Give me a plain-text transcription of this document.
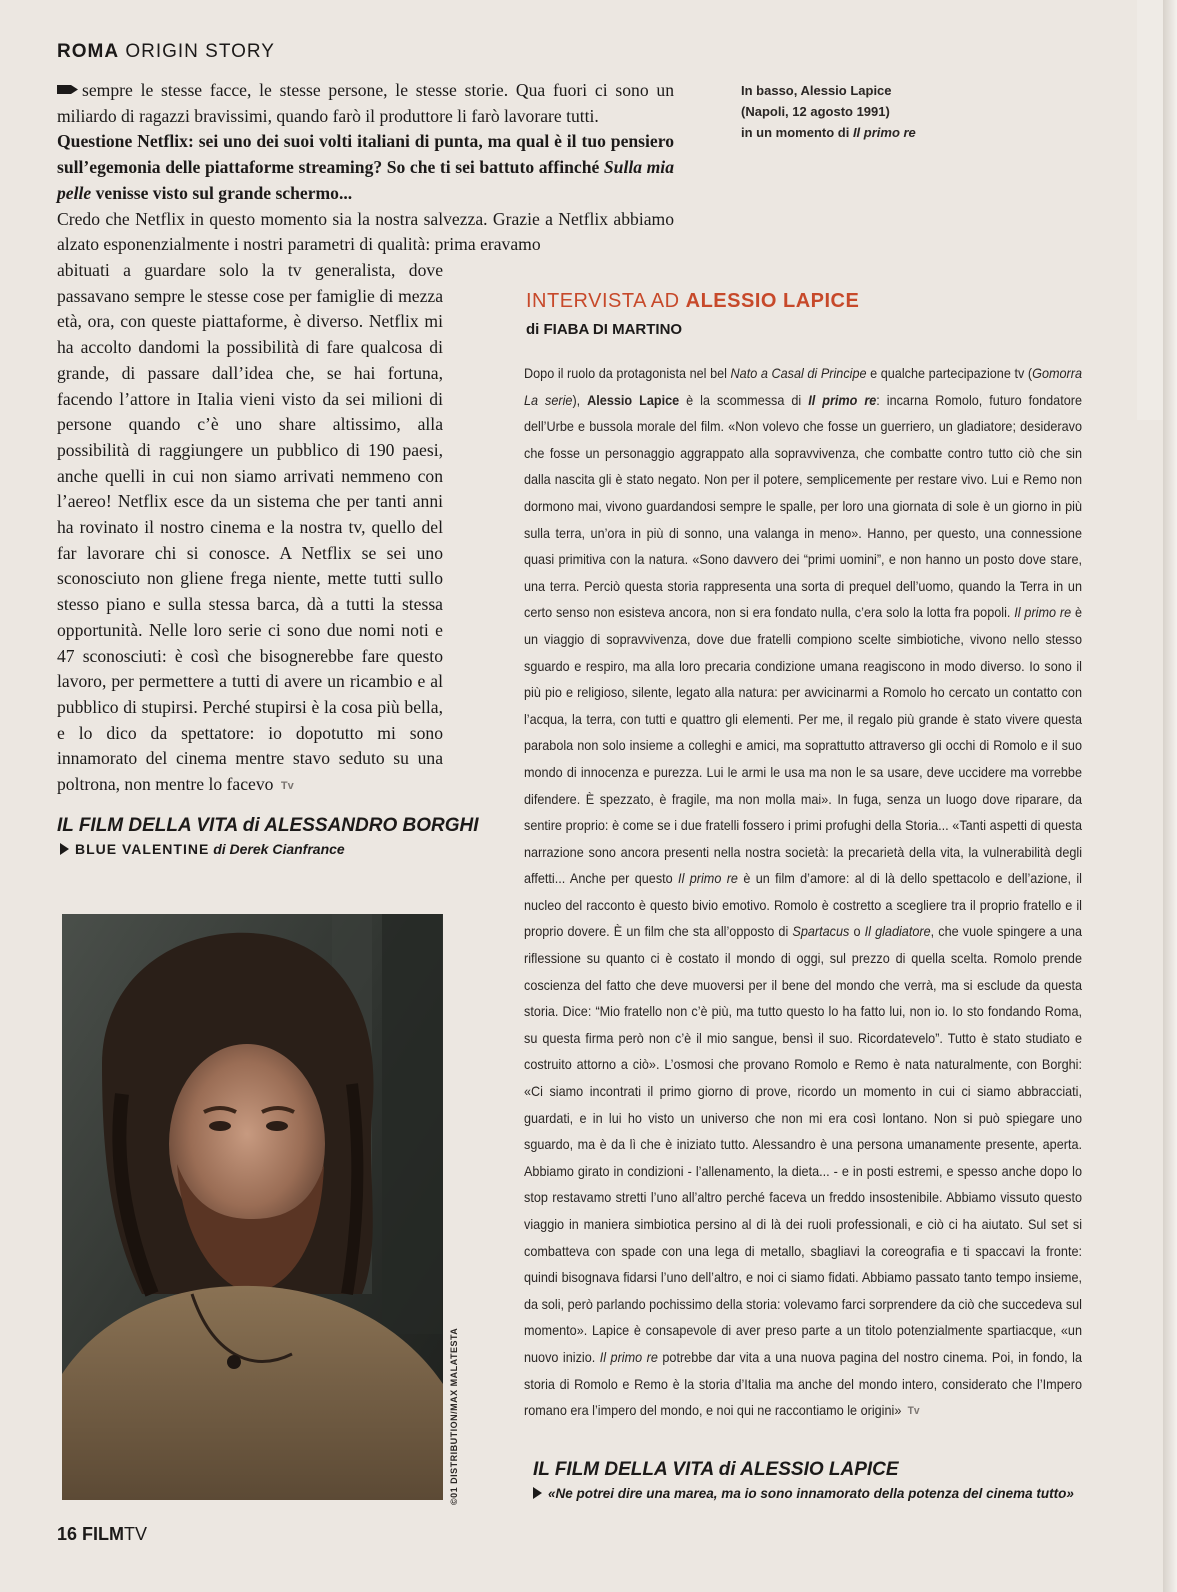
ROMA ORIGIN STORY
sempre le stesse facce, le stesse persone, le stesse storie. Qua fuori ci sono un miliardo di ragazzi bravissimi, quando farò il produttore li farò lavorare tutti.
Questione Netflix: sei uno dei suoi volti italiani di punta, ma qual è il tuo pensiero sull’egemonia delle piattaforme streaming? So che ti sei battuto affinché Sulla mia pelle venisse visto sul grande schermo...
Credo che Netflix in questo momento sia la nostra salvezza. Grazie a Netflix abbiamo alzato esponenzialmente i nostri parametri di qualità: prima eravamo
abituati a guardare solo la tv generalista, dove passavano sempre le stesse cose per famiglie di mezza età, ora, con queste piattaforme, è diverso. Netflix mi ha accolto dandomi la possibilità di fare qualcosa di grande, di passare dall’idea che, se hai fortuna, facendo l’attore in Italia vieni visto da sei milioni di persone quando c’è uno share altissimo, alla possibilità di raggiungere un pubblico di 190 paesi, anche quelli in cui non siamo arrivati nemmeno con l’aereo! Netflix esce da un sistema che per tanti anni ha rovinato il nostro cinema e la nostra tv, quello del far lavorare chi si conosce. A Netflix se sei uno sconosciuto non gliene frega niente, mette tutti sullo stesso piano e sulla stessa barca, dà a tutti la stessa opportunità. Nelle loro serie ci sono due nomi noti e 47 sconosciuti: è così che bisognerebbe fare questo lavoro, per permettere a tutti di avere un ricambio e al pubblico di stupirsi. Perché stupirsi è la cosa più bella, e lo dico da spettatore: io dopotutto mi sono innamorato del cinema mentre stavo seduto su una poltrona, non mentre lo facevo Tv
In basso, Alessio Lapice
(Napoli, 12 agosto 1991)
in un momento di Il primo re
IL FILM DELLA VITA di ALESSANDRO BORGHI
BLUE VALENTINE di Derek Cianfrance
©01 DISTRIBUTION/MAX MALATESTA
INTERVISTA AD ALESSIO LAPICE
di FIABA DI MARTINO
Dopo il ruolo da protagonista nel bel Nato a Casal di Principe e qualche partecipazione tv (Gomorra La serie), Alessio Lapice è la scommessa di Il primo re: incarna Romolo, futuro fondatore dell’Urbe e bussola morale del film. «Non volevo che fosse un guerriero, un gladiatore; desideravo che fosse un personaggio aggrappato alla sopravvivenza, che combatte contro tutto ciò che sin dalla nascita gli è stato negato. Non per il potere, semplicemente per restare vivo. Lui e Remo non dormono mai, vivono guardandosi sempre le spalle, per loro una giornata di sole è un giorno in più sulla terra, un’ora in più di sonno, una valanga in meno». Hanno, per questo, una connessione quasi primitiva con la natura. «Sono davvero dei “primi uomini”, e non hanno un posto dove stare, una terra. Perciò questa storia rappresenta una sorta di prequel dell’uomo, quando la Terra in un certo senso non esisteva ancora, non si era fondato nulla, c’era solo la lotta fra popoli. Il primo re è un viaggio di sopravvivenza, dove due fratelli compiono scelte simbiotiche, vivono nello stesso sguardo e respiro, ma alla loro precaria condizione umana reagiscono in modo diverso. Io sono il più pio e religioso, silente, legato alla natura: per avvicinarmi a Romolo ho cercato un contatto con l’acqua, la terra, con tutti e quattro gli elementi. Per me, il regalo più grande è stato vivere questa parabola non solo insieme a colleghi e amici, ma soprattutto attraverso gli occhi di Romolo e il suo mondo di innocenza e purezza. Lui le armi le usa ma non le sa usare, deve uccidere ma vorrebbe difendere. È spezzato, è fragile, ma non molla mai». In fuga, senza un luogo dove riparare, da sentire proprio: è come se i due fratelli fossero i primi profughi della Storia... «Tanti aspetti di questa narrazione sono ancora presenti nella nostra società: la precarietà della vita, la vulnerabilità degli affetti... Anche per questo Il primo re è un film d’amore: al di là dello spettacolo e dell’azione, il nucleo del racconto è questo bivio emotivo. Romolo è costretto a scegliere tra il proprio fratello e il proprio dovere. È un film che sta all’opposto di Spartacus o Il gladiatore, che vuole spingere a una riflessione su quanto ci è costato il mondo di oggi, sul prezzo di quella scelta. Romolo prende coscienza del fatto che deve muoversi per il bene del mondo che verrà, ma si esclude da questa storia. Dice: “Mio fratello non c’è più, ma tutto questo lo ha fatto lui, non io. Io sto fondando Roma, su questa firma però non c’è il mio sangue, bensì il suo. Ricordatevelo”. Tutto è stato studiato e costruito attorno a ciò». L’osmosi che provano Romolo e Remo è nata naturalmente, con Borghi: «Ci siamo incontrati il primo giorno di prove, ricordo un momento in cui ci siamo abbracciati, guardati, e in lui ho visto un universo che non mi era così lontano. Non si può spiegare uno sguardo, ma è da lì che è iniziato tutto. Alessandro è una persona umanamente presente, aperta. Abbiamo girato in condizioni - l’allenamento, la dieta... - e in posti estremi, e spesso anche dopo lo stop restavamo stretti l’uno all’altro perché faceva un freddo insostenibile. Abbiamo vissuto questo viaggio in maniera simbiotica persino al di là dei ruoli professionali, e ciò ci ha aiutato. Sul set si combatteva con spade con una lega di metallo, sbagliavi la coreografia e ti spaccavi la fronte: quindi bisognava fidarsi l’uno dell’altro, e noi ci siamo fidati. Abbiamo passato tanto tempo insieme, da soli, però parlando pochissimo della storia: volevamo farci sorprendere da ciò che succedeva sul momento». Lapice è consapevole di aver preso parte a un titolo potenzialmente spartiacque, «un nuovo inizio. Il primo re potrebbe dar vita a una nuova pagina del nostro cinema. Poi, in fondo, la storia di Romolo e Remo è la storia d’Italia ma anche del mondo intero, considerato che l’Impero romano era l’impero del mondo, e noi qui ne raccontiamo le origini» Tv
IL FILM DELLA VITA di ALESSIO LAPICE
«Ne potrei dire una marea, ma io sono innamorato della potenza del cinema tutto»
16 FILMTV
